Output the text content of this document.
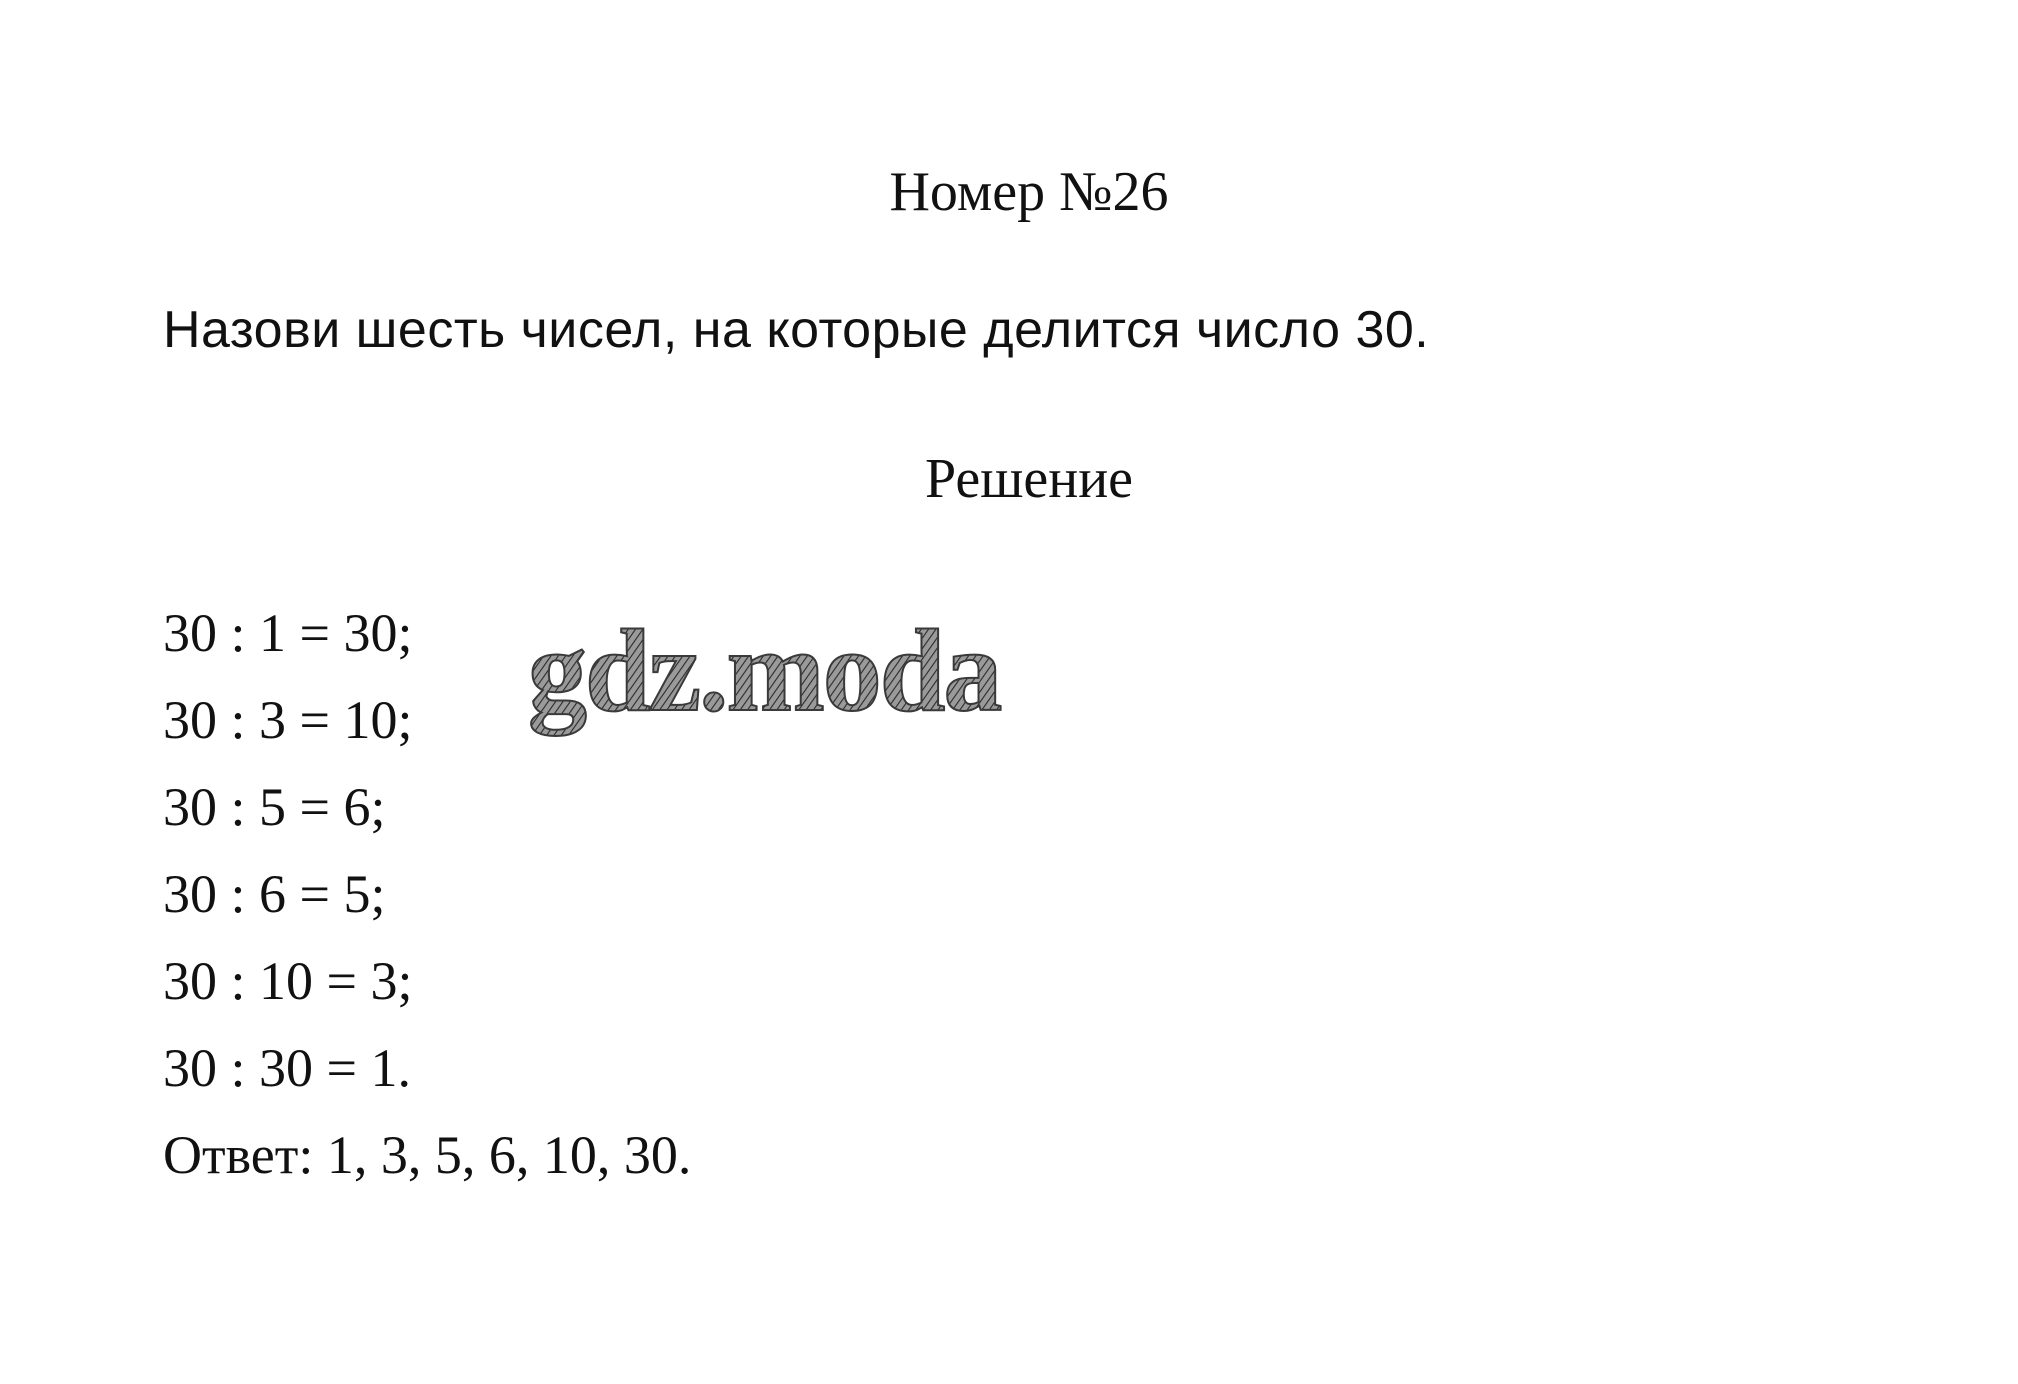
Номер №26
Назови шесть чисел, на которые делится число 30.
Решение
30 : 1 = 30;
30 : 3 = 10;
30 : 5 = 6;
30 : 6 = 5;
30 : 10 = 3;
30 : 30 = 1.
Ответ: 1, 3, 5, 6, 10, 30.
gdz.moda
